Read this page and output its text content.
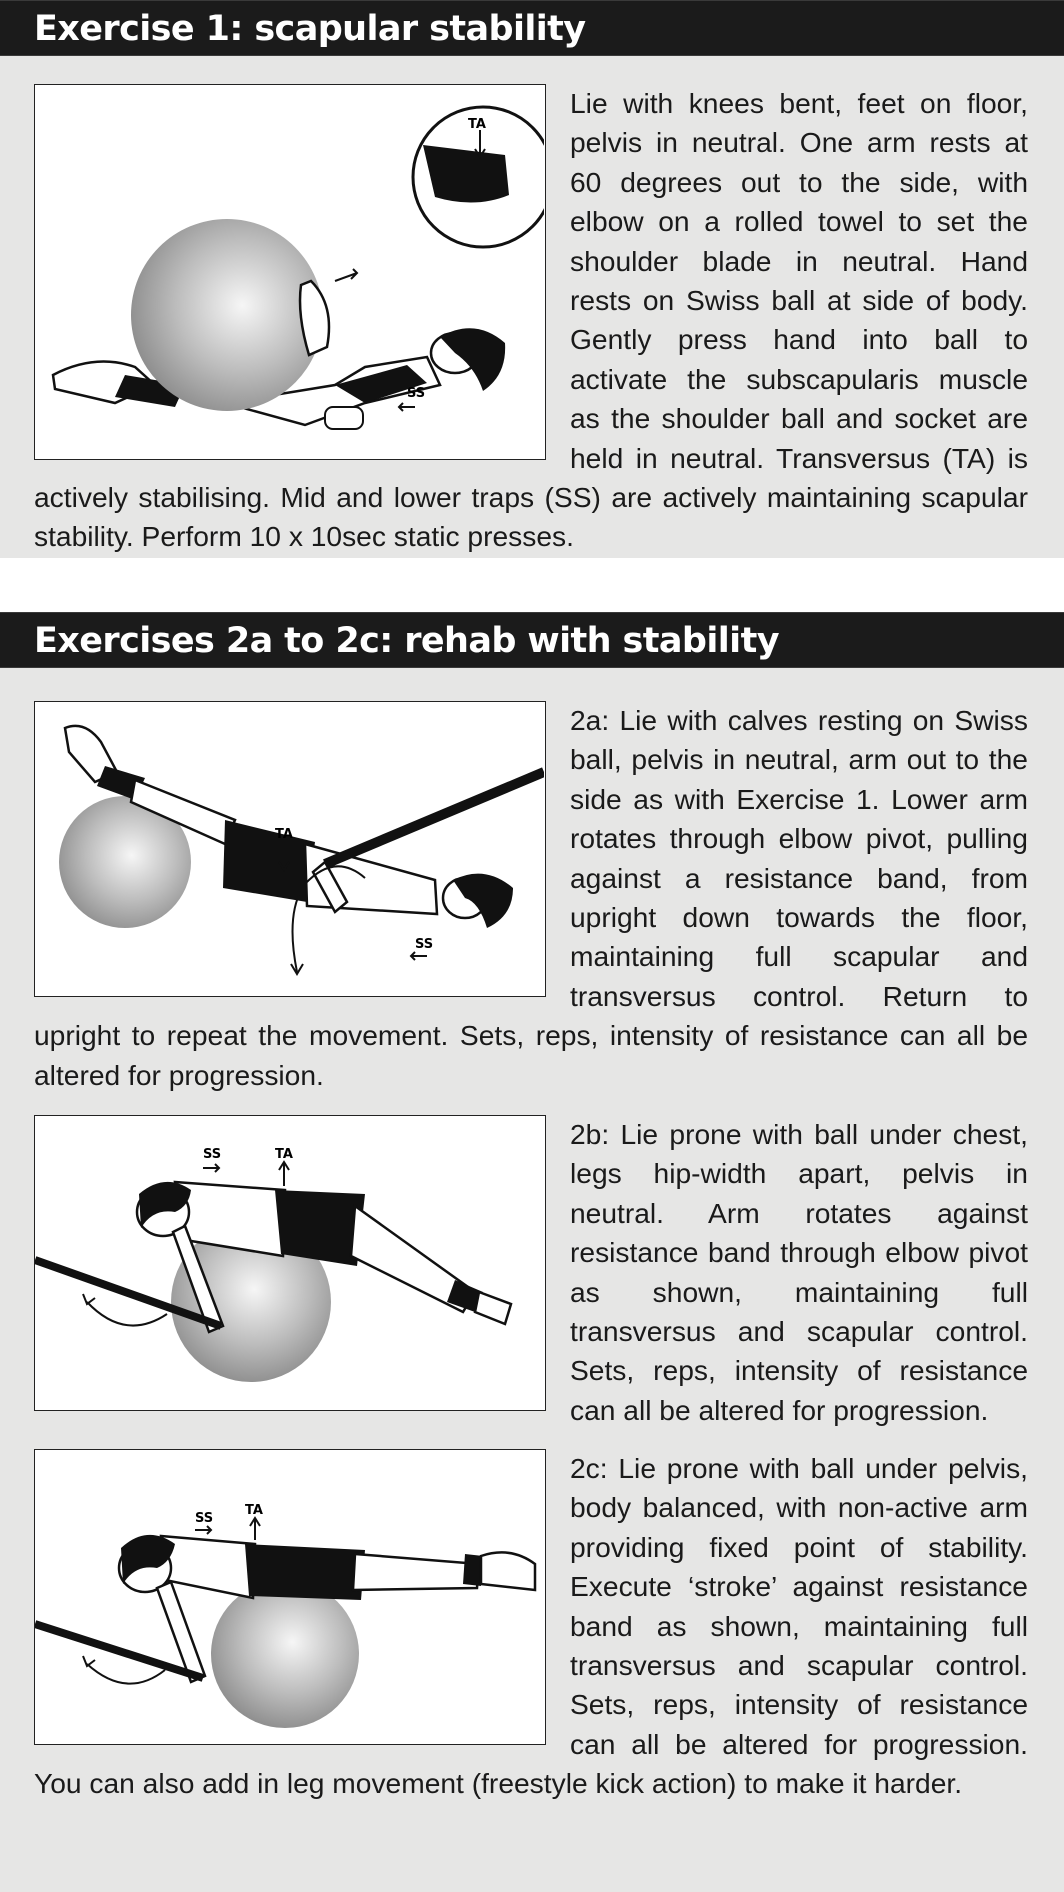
Exercise 1: scapular stability
TA
SS

Lie with knees bent, feet on floor, pelvis in neutral. One arm rests at 60 degrees out to the side, with elbow on a rolled towel to set the shoulder blade in neutral. Hand rests on Swiss ball at side of body. Gently press hand into ball to activate the subscapularis muscle as the shoulder ball and socket are held in neutral. Transversus (TA) is actively stabilising. Mid and lower traps (SS) are actively maintaining scapular stability. Perform 10 x 10sec static presses.

Exercises 2a to 2c: rehab with stability
TA
SS

2a: Lie with calves resting on Swiss ball, pelvis in neutral, arm out to the side as with Exercise 1. Lower arm rotates through elbow pivot, pulling against a resistance band, from upright down towards the floor, maintaining full scapular and transversus control. Return to upright to repeat the movement. Sets, reps, intensity of resistance can all be altered for progression.

SS	TA

2b: Lie prone with ball under chest, legs hip-width apart, pelvis in neutral. Arm rotates against resistance band through elbow pivot as shown, maintaining full transversus and scapular control. Sets, reps, intensity of resistance can all be altered for progression.

SS
TA

2c: Lie prone with ball under pelvis, body balanced, with non-active arm providing fixed point of stability. Execute ‘stroke’ against resistance band as shown, maintaining full transversus and scapular control. Sets, reps, intensity of resistance can all be altered for progression. You can also add in leg movement (freestyle kick action) to make it harder.
